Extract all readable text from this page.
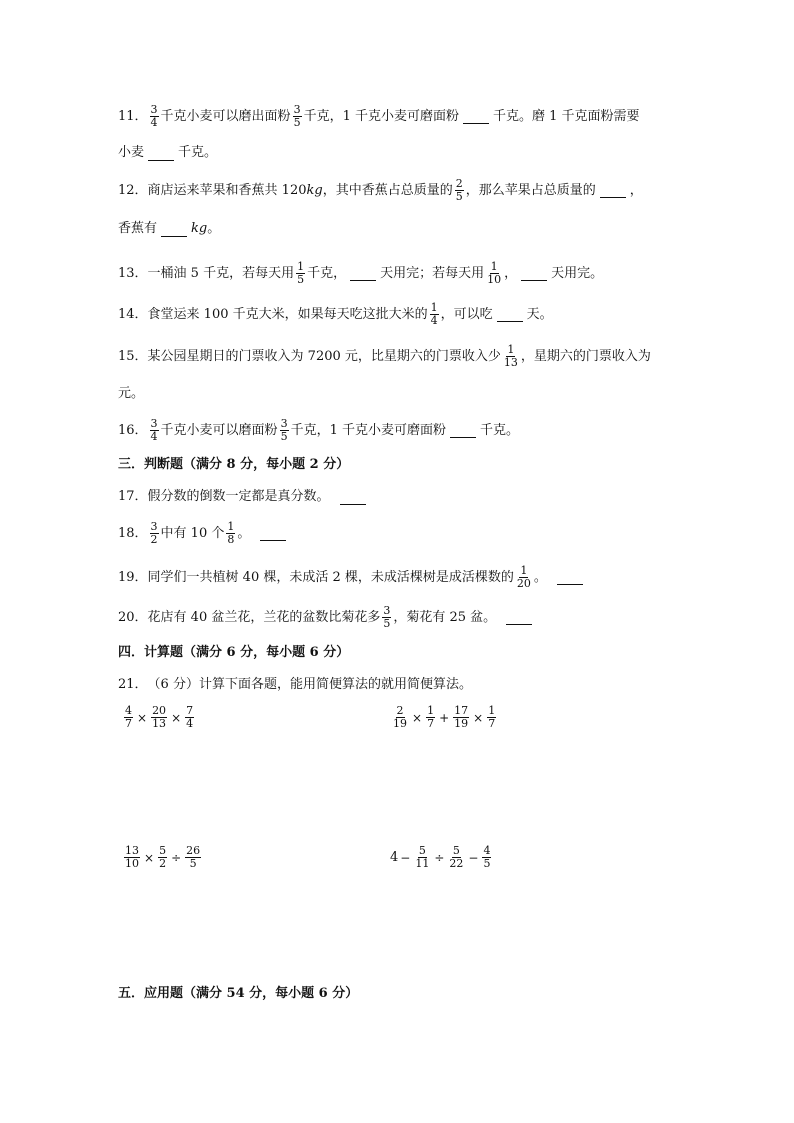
11． $\frac{3}{4}$ 千克小麦可以磨出面粉 $\frac{3}{5}$ 千克，1 千克小麦可磨面粉	千克。磨 1 千克面粉需要
小麦	千克。
12． 商店运来苹果和香蕉共 120 kg ，其中香蕉占总质量的 $\frac{2}{5}$ ，那么苹果占总质量的	，
香蕉有	kg 。
13． 一桶油 5 千克，若每天用 $\frac{1}{5}$ 千克，	天用完；若每天用 $\frac{1}{10}$ ，	天用完。
14． 食堂运来 100 千克大米，如果每天吃这批大米的 $\frac{1}{4}$ ，可以吃	天。
15． 某公园星期日的门票收入为 7200 元，比星期六的门票收入少 $\frac{1}{13}$ ，星期六的门票收入为
元。
16． $\frac{3}{4}$ 千克小麦可以磨面粉 $\frac{3}{5}$ 千克，1 千克小麦可磨面粉	千克。
三．判断题（满分 8 分，每小题 2 分）
17． 假分数的倒数一定都是真分数。
18． $\frac{3}{2}$ 中有 10 个 $\frac{1}{8}$ 。
19． 同学们一共植树 40 棵，未成活 2 棵，未成活棵树是成活棵数的 $\frac{1}{20}$ 。
20． 花店有 40 盆兰花，兰花的盆数比菊花多 $\frac{3}{5}$ ，菊花有 25 盆。
四．计算题（满分 6 分，每小题 6 分）
21． （6 分）计算下面各题，能用简便算法的就用简便算法。
$\frac{4}{7} \times \frac{20}{13} \times \frac{7}{4}$	$\frac{2}{19} \times \frac{1}{7} + \frac{17}{19} \times \frac{1}{7}$
$\frac{13}{10} \times \frac{5}{2} \div \frac{26}{5}$	$4 - \frac{5}{11} \div \frac{5}{22} - \frac{4}{5}$
五．应用题（满分 54 分，每小题 6 分）
